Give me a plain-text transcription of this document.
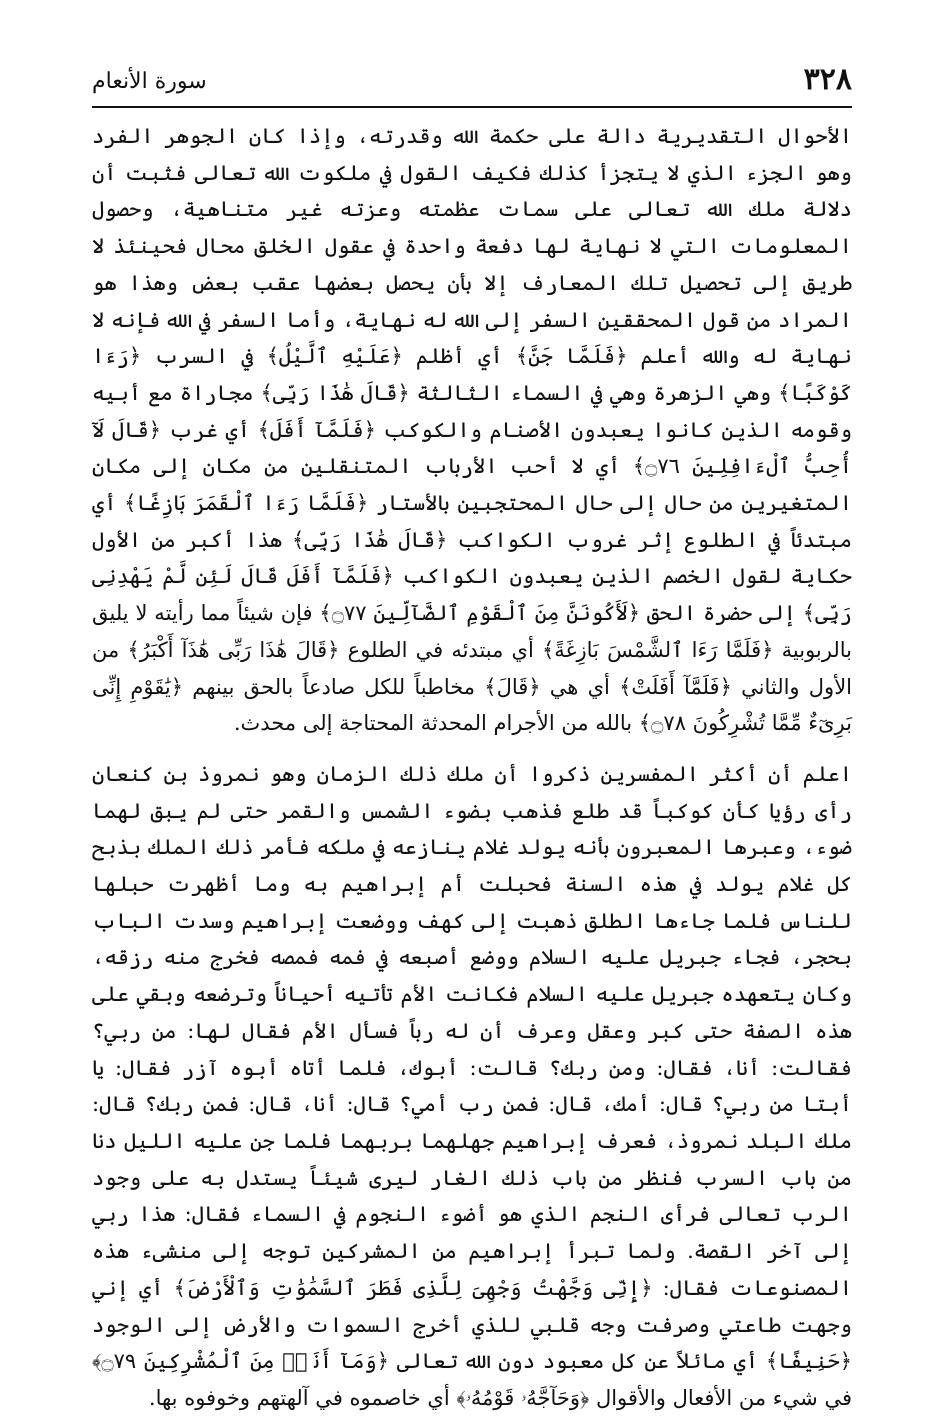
٣٢٨
سورة الأنعام

الأحوال التقديرية دالة على حكمة الله وقدرته، وإذا كان الجوهر الفرد وهو الجزء الذي لا يتجزأ كذلك فكيف القول في ملكوت الله تعالى فثبت أن دلالة ملك الله تعالى على سمات عظمته وعزته غير متناهية، وحصول المعلومات التي لا نهاية لها دفعة واحدة في عقول الخلق محال فحينئذ لا طريق إلى تحصيل تلك المعارف إلا بأن يحصل بعضها عقب بعض وهذا هو المراد من قول المحققين السفر إلى الله له نهاية، وأما السفر في الله فإنه لا نهاية له والله أعلم ﴿فَلَمَّا جَنَّ﴾ أي أظلم ﴿عَلَيْهِ ٱلَّيْلُ﴾ في السرب ﴿رَءَا كَوْكَبًا﴾ وهي الزهرة وهي في السماء الثالثة ﴿قَالَ هَٰذَا رَبِّى﴾ مجاراة مع أبيه وقومه الذين كانوا يعبدون الأصنام والكوكب ﴿فَلَمَّآ أَفَلَ﴾ أي غرب ﴿قَالَ لَآ أُحِبُّ ٱلْءَافِلِينَ ۝٧٦﴾ أي لا أحب الأرباب المتنقلين من مكان إلى مكان المتغيرين من حال إلى حال المحتجبين بالأستار ﴿فَلَمَّا رَءَا ٱلْقَمَرَ بَازِغًا﴾ أي مبتدئاً في الطلوع إثر غروب الكواكب ﴿قَالَ هَٰذَا رَبِّى﴾ هذا أكبر من الأول حكاية لقول الخصم الذين يعبدون الكواكب ﴿فَلَمَّآ أَفَلَ قَالَ لَئِن لَّمْ يَهْدِنِى رَبِّى﴾ إلى حضرة الحق ﴿لَأَكُونَنَّ مِنَ ٱلْقَوْمِ ٱلضَّآلِّينَ ۝٧٧﴾ فإن شيئاً مما رأيته لا يليق بالربوبية ﴿فَلَمَّا رَءَا ٱلشَّمْسَ بَازِغَةً﴾ أي مبتدئه في الطلوع ﴿قَالَ هَٰذَا رَبِّى هَٰذَآ أَكْبَرُ﴾ من الأول والثاني ﴿فَلَمَّآ أَفَلَتْ﴾ أي هي ﴿قَالَ﴾ مخاطباً للكل صادعاً بالحق بينهم ﴿يَٰقَوْمِ إِنِّى بَرِىٓءٌ مِّمَّا تُشْرِكُونَ ۝٧٨﴾ بالله من الأجرام المحدثة المحتاجة إلى محدث.

اعلم أن أكثر المفسرين ذكروا أن ملك ذلك الزمان وهو نمروذ بن كنعان رأى رؤيا كأن كوكباً قد طلع فذهب بضوء الشمس والقمر حتى لم يبق لهما ضوء، وعبرها المعبرون بأنه يولد غلام ينازعه في ملكه فأمر ذلك الملك بذبح كل غلام يولد في هذه السنة فحبلت أم إبراهيم به وما أظهرت حبلها للناس فلما جاءها الطلق ذهبت إلى كهف ووضعت إبراهيم وسدت الباب بحجر، فجاء جبريل عليه السلام ووضع أصبعه في فمه فمصه فخرج منه رزقه، وكان يتعهده جبريل عليه السلام فكانت الأم تأتيه أحياناً وترضعه وبقي على هذه الصفة حتى كبر وعقل وعرف أن له رباً فسأل الأم فقال لها: من ربي؟ فقالت: أنا، فقال: ومن ربك؟ قالت: أبوك، فلما أتاه أبوه آزر فقال: يا أبتا من ربي؟ قال: أمك، قال: فمن رب أمي؟ قال: أنا، قال: فمن ربك؟ قال: ملك البلد نمروذ، فعرف إبراهيم جهلهما بربهما فلما جن عليه الليل دنا من باب السرب فنظر من باب ذلك الغار ليرى شيئاً يستدل به على وجود الرب تعالى فرأى النجم الذي هو أضوء النجوم في السماء فقال: هذا ربي إلى آخر القصة. ولما تبرأ إبراهيم من المشركين توجه إلى منشىء هذه المصنوعات فقال: ﴿إِنِّى وَجَّهْتُ وَجْهِىَ لِلَّذِى فَطَرَ ٱلسَّمَٰوَٰتِ وَٱلْأَرْضَ﴾ أي إني وجهت طاعتي وصرفت وجه قلبي للذي أخرج السموات والأرض إلى الوجود ﴿حَنِيفًا﴾ أي مائلاً عن كل معبود دون الله تعالى ﴿وَمَآ أَنَا۠ مِنَ ٱلْمُشْرِكِينَ ۝٧٩﴾ في شيء من الأفعال والأقوال ﴿وَحَآجَّهُۥ قَوْمُهُۥ﴾ أي خاصموه في آلهتهم وخوفوه بها.
